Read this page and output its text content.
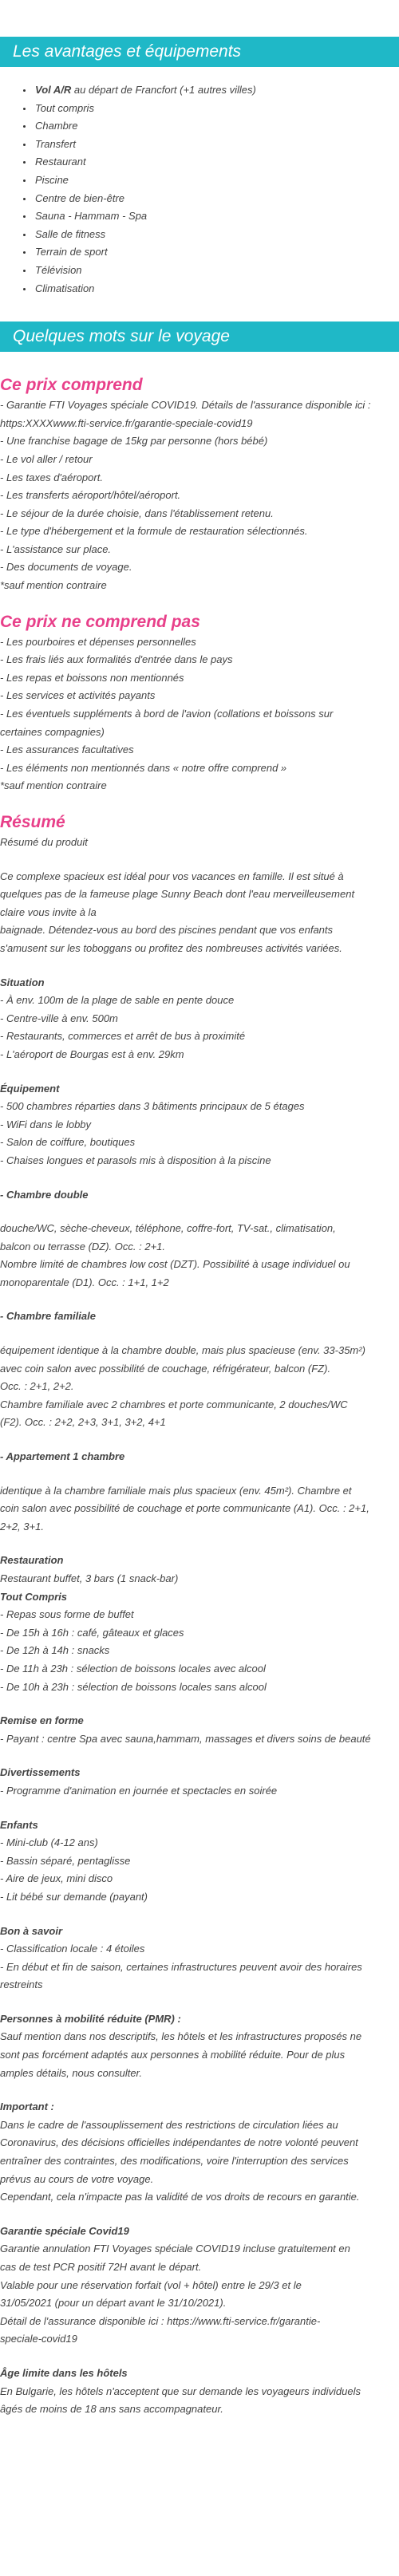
Les avantages et équipements
• Vol A/R au départ de Francfort (+1 autres villes)
• Tout compris
• Chambre
• Transfert
• Restaurant
• Piscine
• Centre de bien-être
• Sauna - Hammam - Spa
• Salle de fitness
• Terrain de sport
• Télévision
• Climatisation
Quelques mots sur le voyage
Ce prix comprend
- Garantie FTI Voyages spéciale COVID19. Détails de l'assurance disponible ici :
https:XXXXwww.fti-service.fr/garantie-speciale-covid19
- Une franchise bagage de 15kg par personne (hors bébé)
- Le vol aller / retour
- Les taxes d'aéroport.
- Les transferts aéroport/hôtel/aéroport.
- Le séjour de la durée choisie, dans l'établissement retenu.
- Le type d'hébergement et la formule de restauration sélectionnés.
- L'assistance sur place.
- Des documents de voyage.
*sauf mention contraire
Ce prix ne comprend pas
- Les pourboires et dépenses personnelles
- Les frais liés aux formalités d'entrée dans le pays
- Les repas et boissons non mentionnés
- Les services et activités payants
- Les éventuels suppléments à bord de l'avion (collations et boissons sur
certaines compagnies)
- Les assurances facultatives
- Les éléments non mentionnés dans « notre offre comprend »
*sauf mention contraire
Résumé
Résumé du produit
Ce complexe spacieux est idéal pour vos vacances en famille. Il est situé à
quelques pas de la fameuse plage Sunny Beach dont l'eau merveilleusement
claire vous invite à la
baignade. Détendez-vous au bord des piscines pendant que vos enfants
s'amusent sur les toboggans ou profitez des nombreuses activités variées.
Situation
- À env. 100m de la plage de sable en pente douce
- Centre-ville à env. 500m
- Restaurants, commerces et arrêt de bus à proximité
- L'aéroport de Bourgas est à env. 29km
Équipement
- 500 chambres réparties dans 3 bâtiments principaux de 5 étages
- WiFi dans le lobby
- Salon de coiffure, boutiques
- Chaises longues et parasols mis à disposition à la piscine
- Chambre double
douche/WC, sèche-cheveux, téléphone, coffre-fort, TV-sat., climatisation,
balcon ou terrasse (DZ). Occ. : 2+1.
Nombre limité de chambres low cost (DZT). Possibilité à usage individuel ou
monoparentale (D1). Occ. : 1+1, 1+2
- Chambre familiale
équipement identique à la chambre double, mais plus spacieuse (env. 33-35m²)
avec coin salon avec possibilité de couchage, réfrigérateur, balcon (FZ).
Occ. : 2+1, 2+2.
Chambre familiale avec 2 chambres et porte communicante, 2 douches/WC
(F2). Occ. : 2+2, 2+3, 3+1, 3+2, 4+1
- Appartement 1 chambre
identique à la chambre familiale mais plus spacieux (env. 45m²). Chambre et
coin salon avec possibilité de couchage et porte communicante (A1). Occ. : 2+1,
2+2, 3+1.
Restauration
Restaurant buffet, 3 bars (1 snack-bar)
Tout Compris
- Repas sous forme de buffet
- De 15h à 16h : café, gâteaux et glaces
- De 12h à 14h : snacks
- De 11h à 23h : sélection de boissons locales avec alcool
- De 10h à 23h : sélection de boissons locales sans alcool
Remise en forme
- Payant : centre Spa avec sauna,hammam, massages et divers soins de beauté
Divertissements
- Programme d'animation en journée et spectacles en soirée
Enfants
- Mini-club (4-12 ans)
- Bassin séparé, pentaglisse
- Aire de jeux, mini disco
- Lit bébé sur demande (payant)
Bon à savoir
- Classification locale : 4 étoiles
- En début et fin de saison, certaines infrastructures peuvent avoir des horaires
restreints
Personnes à mobilité réduite (PMR) :
Sauf mention dans nos descriptifs, les hôtels et les infrastructures proposés ne
sont pas forcément adaptés aux personnes à mobilité réduite. Pour de plus
amples détails, nous consulter.
Important :
Dans le cadre de l'assouplissement des restrictions de circulation liées au
Coronavirus, des décisions officielles indépendantes de notre volonté peuvent
entraîner des contraintes, des modifications, voire l'interruption des services
prévus au cours de votre voyage.
Cependant, cela n'impacte pas la validité de vos droits de recours en garantie.
Garantie spéciale Covid19
Garantie annulation FTI Voyages spéciale COVID19 incluse gratuitement en
cas de test PCR positif 72H avant le départ.
Valable pour une réservation forfait (vol + hôtel) entre le 29/3 et le
31/05/2021 (pour un départ avant le 31/10/2021).
Détail de l'assurance disponible ici : https://www.fti-service.fr/garantie-
speciale-covid19
Âge limite dans les hôtels
En Bulgarie, les hôtels n'acceptent que sur demande les voyageurs individuels
âgés de moins de 18 ans sans accompagnateur.
